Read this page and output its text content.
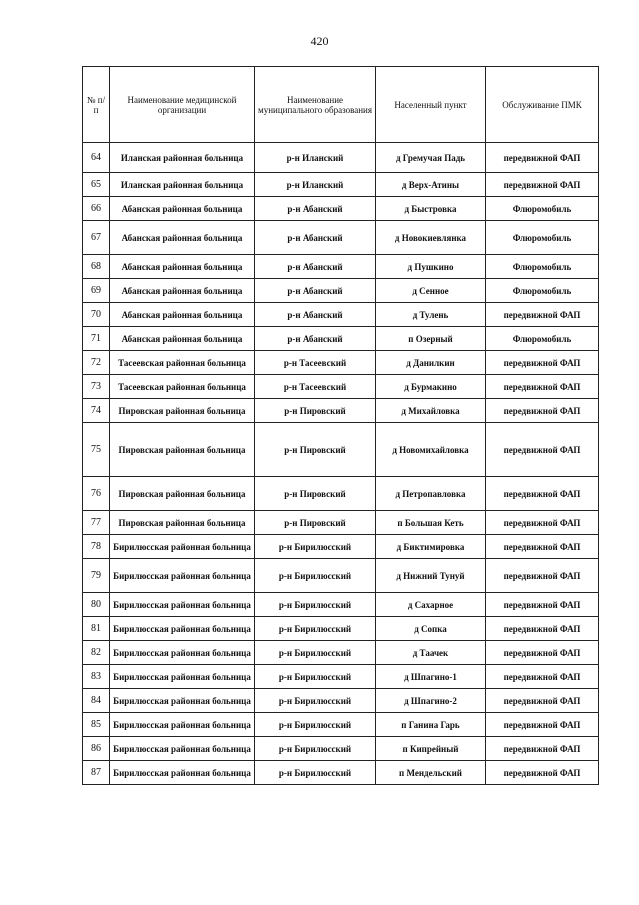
420
№ п/п	Наименование медицинской организации	Наименование муниципального образования	Населенный пункт	Обслуживание ПМК
64	Иланская районная больница	р-н Иланский	д Гремучая Падь	передвижной ФАП
65	Иланская районная больница	р-н Иланский	д Верх-Атины	передвижной ФАП
66	Абанская районная больница	р-н Абанский	д Быстровка	Флюромобиль
67	Абанская районная больница	р-н Абанский	д Новокиевлянка	Флюромобиль
68	Абанская районная больница	р-н Абанский	д Пушкино	Флюромобиль
69	Абанская районная больница	р-н Абанский	д Сенное	Флюромобиль
70	Абанская районная больница	р-н Абанский	д Тулень	передвижной ФАП
71	Абанская районная больница	р-н Абанский	п Озерный	Флюромобиль
72	Тасеевская районная больница	р-н Тасеевский	д Данилкин	передвижной ФАП
73	Тасеевская районная больница	р-н Тасеевский	д Бурмакино	передвижной ФАП
74	Пировская районная больница	р-н Пировский	д Михайловка	передвижной ФАП
75	Пировская районная больница	р-н Пировский	д Новомихайловка	передвижной ФАП
76	Пировская районная больница	р-н Пировский	д Петропавловка	передвижной ФАП
77	Пировская районная больница	р-н Пировский	п Большая Кеть	передвижной ФАП
78	Бирилюсская районная больница	р-н Бирилюсский	д Биктимировка	передвижной ФАП
79	Бирилюсская районная больница	р-н Бирилюсский	д Нижний Тунуй	передвижной ФАП
80	Бирилюсская районная больница	р-н Бирилюсский	д Сахарное	передвижной ФАП
81	Бирилюсская районная больница	р-н Бирилюсский	д Сопка	передвижной ФАП
82	Бирилюсская районная больница	р-н Бирилюсский	д Таачек	передвижной ФАП
83	Бирилюсская районная больница	р-н Бирилюсский	д Шпагино-1	передвижной ФАП
84	Бирилюсская районная больница	р-н Бирилюсский	д Шпагино-2	передвижной ФАП
85	Бирилюсская районная больница	р-н Бирилюсский	п Ганина Гарь	передвижной ФАП
86	Бирилюсская районная больница	р-н Бирилюсский	п Кипрейный	передвижной ФАП
87	Бирилюсская районная больница	р-н Бирилюсский	п Мендельский	передвижной ФАП
